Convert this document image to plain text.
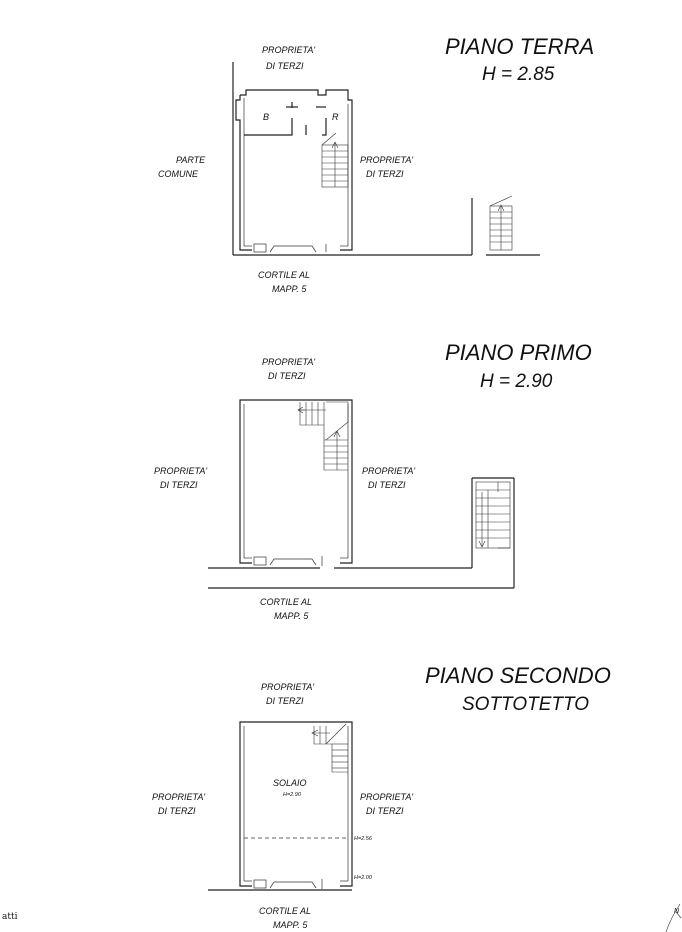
PIANO TERRA
H = 2.85
PROPRIETA'
DI TERZI
PARTE
COMUNE
PROPRIETA'
DI TERZI
CORTILE AL
MAPP. 5
B	R
PIANO PRIMO
H = 2.90
PROPRIETA'
DI TERZI
PROPRIETA'
DI TERZI
PROPRIETA'
DI TERZI
CORTILE AL
MAPP. 5
PIANO SECONDO
SOTTOTETTO
PROPRIETA'
DI TERZI
PROPRIETA'
DI TERZI
PROPRIETA'
DI TERZI
CORTILE AL
MAPP. 5
SOLAIO
H=2.90
H=2.56
H=2.00
atti
N
